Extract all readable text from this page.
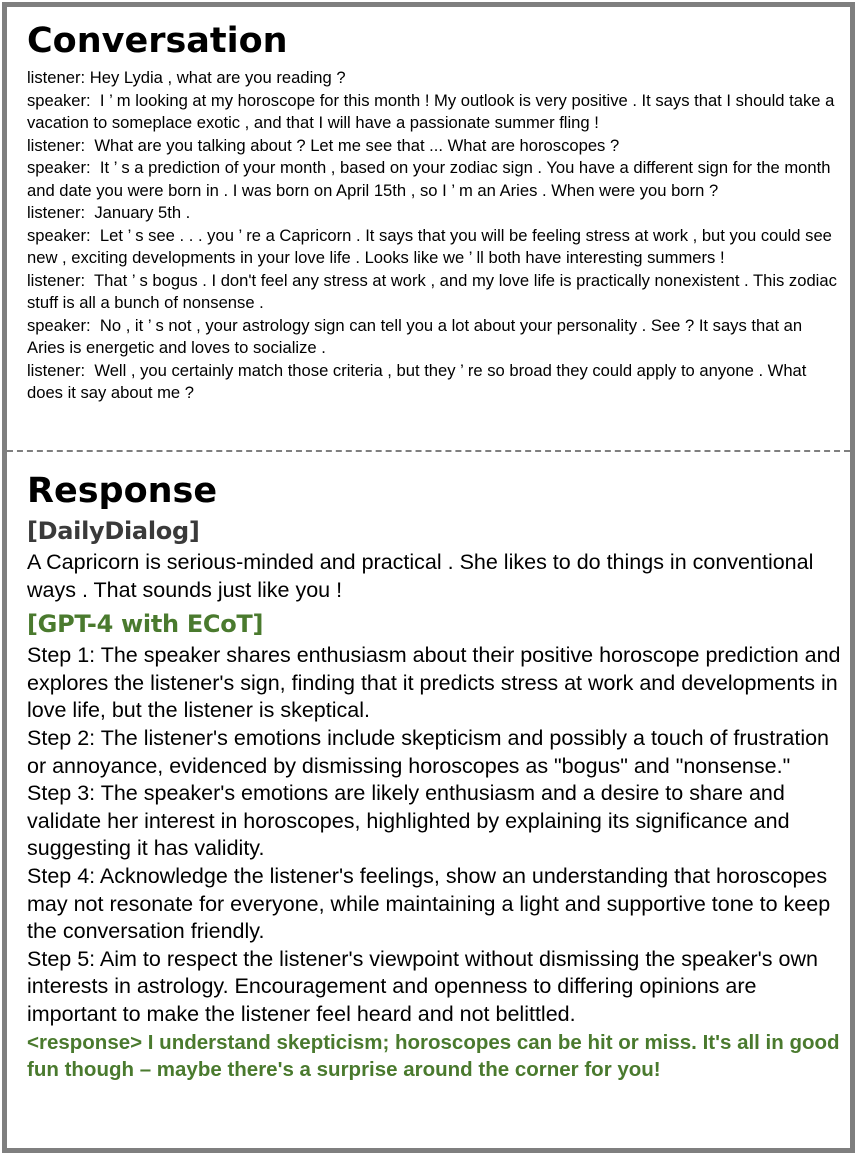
Conversation

listener: Hey Lydia , what are you reading ?

speaker: I ’ m looking at my horoscope for this month ! My outlook is very positive . It says that I should take a vacation to someplace exotic , and that I will have a passionate summer fling !

listener: What are you talking about ? Let me see that ... What are horoscopes ?

speaker: It ’ s a prediction of your month , based on your zodiac sign . You have a different sign for the month and date you were born in . I was born on April 15th , so I ’ m an Aries . When were you born ?

listener: January 5th .

speaker: Let ’ s see . . . you ’ re a Capricorn . It says that you will be feeling stress at work , but you could see new , exciting developments in your love life . Looks like we ’ ll both have interesting summers !

listener: That ’ s bogus . I don't feel any stress at work , and my love life is practically nonexistent . This zodiac stuff is all a bunch of nonsense .

speaker: No , it ’ s not , your astrology sign can tell you a lot about your personality . See ? It says that an Aries is energetic and loves to socialize .

listener: Well , you certainly match those criteria , but they ’ re so broad they could apply to anyone . What does it say about me ?

Response
[DailyDialog]

A Capricorn is serious-minded and practical . She likes to do things in conventional ways . That sounds just like you !

[GPT-4 with ECoT]

Step 1: The speaker shares enthusiasm about their positive horoscope prediction and explores the listener's sign, finding that it predicts stress at work and developments in love life, but the listener is skeptical.

Step 2: The listener's emotions include skepticism and possibly a touch of frustration or annoyance, evidenced by dismissing horoscopes as "bogus" and "nonsense."

Step 3: The speaker's emotions are likely enthusiasm and a desire to share and validate her interest in horoscopes, highlighted by explaining its significance and suggesting it has validity.

Step 4: Acknowledge the listener's feelings, show an understanding that horoscopes may not resonate for everyone, while maintaining a light and supportive tone to keep the conversation friendly.

Step 5: Aim to respect the listener's viewpoint without dismissing the speaker's own interests in astrology. Encouragement and openness to differing opinions are important to make the listener feel heard and not belittled.

<response> I understand skepticism; horoscopes can be hit or miss. It's all in good fun though – maybe there's a surprise around the corner for you!
